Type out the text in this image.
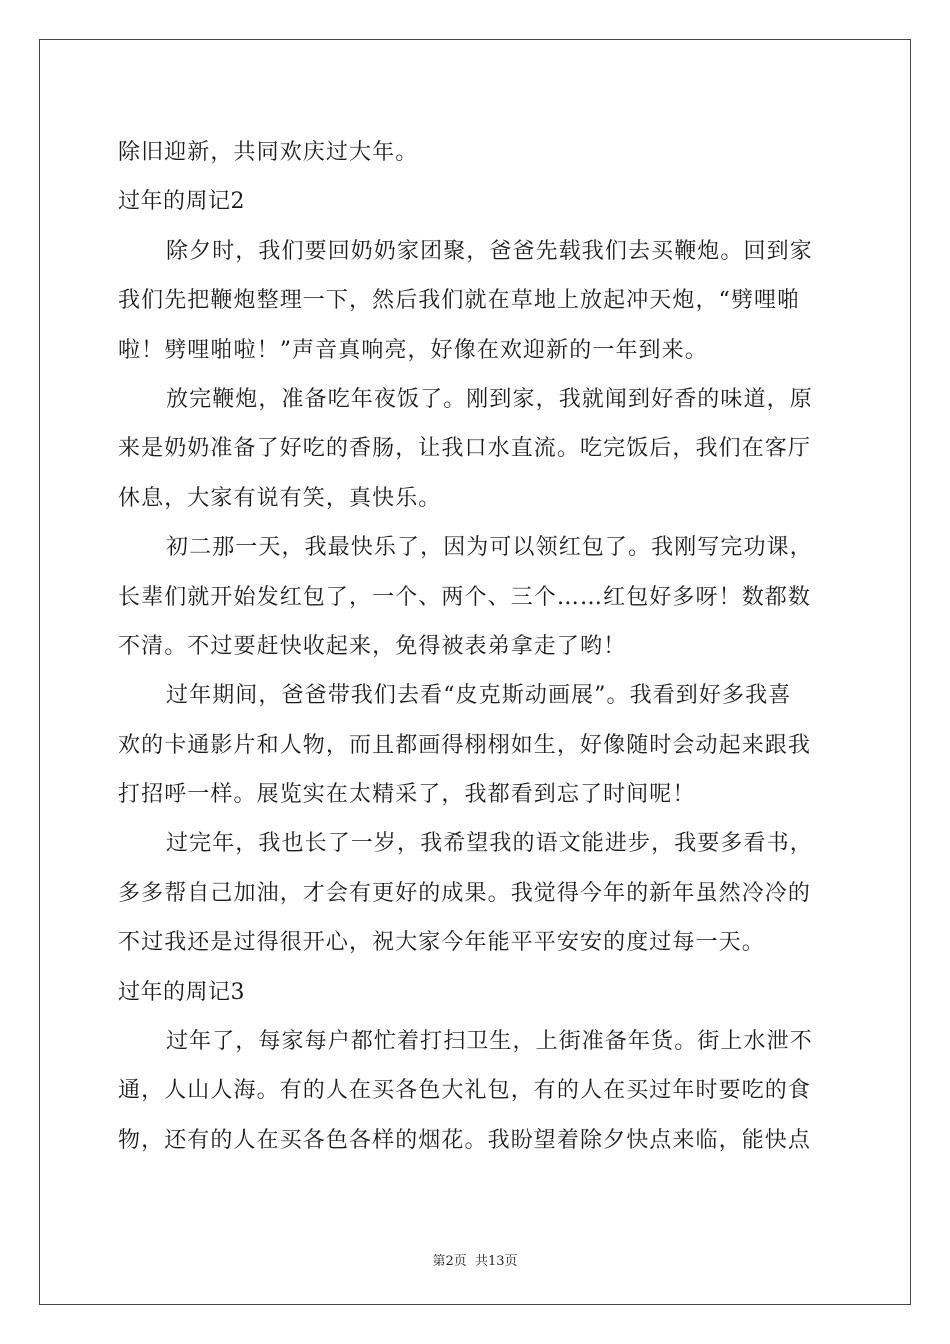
除旧迎新，共同欢庆过大年。
过年的周记2
除夕时，我们要回奶奶家团聚，爸爸先载我们去买鞭炮。回到家
我们先把鞭炮整理一下，然后我们就在草地上放起冲天炮，“劈哩啪
啦！劈哩啪啦！”声音真响亮，好像在欢迎新的一年到来。
放完鞭炮，准备吃年夜饭了。刚到家，我就闻到好香的味道，原
来是奶奶准备了好吃的香肠，让我口水直流。吃完饭后，我们在客厅
休息，大家有说有笑，真快乐。
初二那一天，我最快乐了，因为可以领红包了。我刚写完功课，
长辈们就开始发红包了，一个、两个、三个……红包好多呀！数都数
不清。不过要赶快收起来，免得被表弟拿走了哟！
过年期间，爸爸带我们去看“皮克斯动画展”。我看到好多我喜
欢的卡通影片和人物，而且都画得栩栩如生，好像随时会动起来跟我
打招呼一样。展览实在太精采了，我都看到忘了时间呢！
过完年，我也长了一岁，我希望我的语文能进步，我要多看书，
多多帮自己加油，才会有更好的成果。我觉得今年的新年虽然冷冷的
不过我还是过得很开心，祝大家今年能平平安安的度过每一天。
过年的周记3
过年了，每家每户都忙着打扫卫生，上街准备年货。街上水泄不
通，人山人海。有的人在买各色大礼包，有的人在买过年时要吃的食
物，还有的人在买各色各样的烟花。我盼望着除夕快点来临，能快点
第2页 共13页
